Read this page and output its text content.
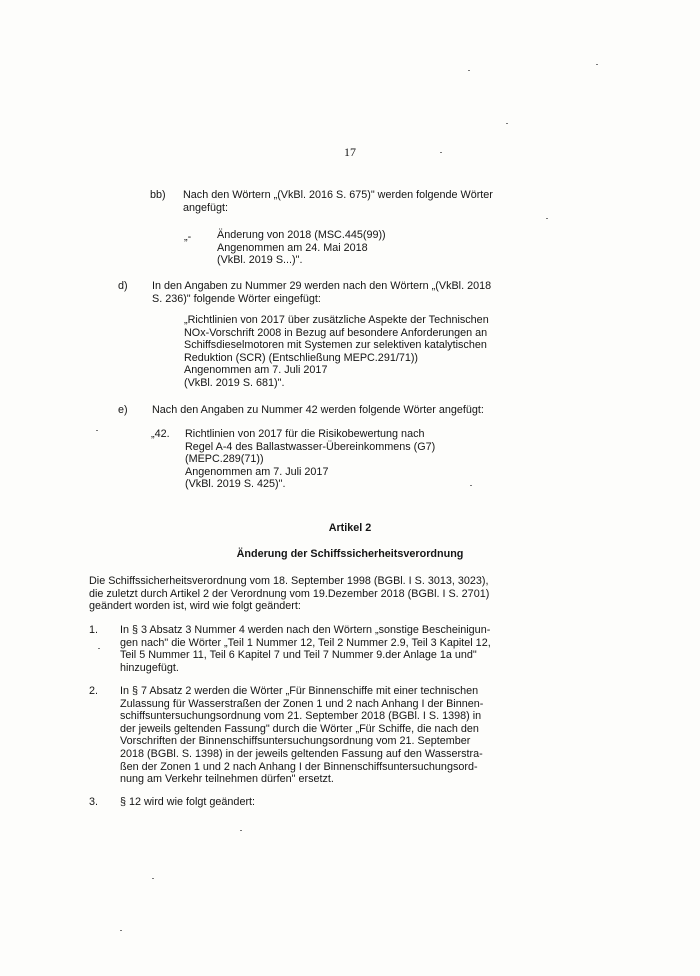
17
bb) Nach den Wörtern „(VkBl. 2016 S. 675)" werden folgende Wörter
angefügt:
„- Änderung von 2018 (MSC.445(99))
Angenommen am 24. Mai 2018
(VkBl. 2019 S...)".
d) In den Angaben zu Nummer 29 werden nach den Wörtern „(VkBl. 2018
S. 236)" folgende Wörter eingefügt:
„Richtlinien von 2017 über zusätzliche Aspekte der Technischen
NOx-Vorschrift 2008 in Bezug auf besondere Anforderungen an
Schiffsdieselmotoren mit Systemen zur selektiven katalytischen
Reduktion (SCR) (Entschließung MEPC.291/71))
Angenommen am 7. Juli 2017
(VkBl. 2019 S. 681)".
e) Nach den Angaben zu Nummer 42 werden folgende Wörter angefügt:
„42. Richtlinien von 2017 für die Risikobewertung nach
Regel A-4 des Ballastwasser-Übereinkommens (G7)
(MEPC.289(71))
Angenommen am 7. Juli 2017
(VkBl. 2019 S. 425)".
Artikel 2
Änderung der Schiffssicherheitsverordnung
Die Schiffssicherheitsverordnung vom 18. September 1998 (BGBl. I S. 3013, 3023),
die zuletzt durch Artikel 2 der Verordnung vom 19.Dezember 2018 (BGBl. I S. 2701)
geändert worden ist, wird wie folgt geändert:
1. In § 3 Absatz 3 Nummer 4 werden nach den Wörtern „sonstige Bescheinigun-
gen nach" die Wörter „Teil 1 Nummer 12, Teil 2 Nummer 2.9, Teil 3 Kapitel 12,
Teil 5 Nummer 11, Teil 6 Kapitel 7 und Teil 7 Nummer 9.der Anlage 1a und"
hinzugefügt.
2. In § 7 Absatz 2 werden die Wörter „Für Binnenschiffe mit einer technischen
Zulassung für Wasserstraßen der Zonen 1 und 2 nach Anhang I der Binnen-
schiffsuntersuchungsordnung vom 21. September 2018 (BGBl. I S. 1398) in
der jeweils geltenden Fassung" durch die Wörter „Für Schiffe, die nach den
Vorschriften der Binnenschiffsuntersuchungsordnung vom 21. September
2018 (BGBl. S. 1398) in der jeweils geltenden Fassung auf den Wasserstra-
ßen der Zonen 1 und 2 nach Anhang I der Binnenschiffsuntersuchungsord-
nung am Verkehr teilnehmen dürfen" ersetzt.
3. § 12 wird wie folgt geändert:
